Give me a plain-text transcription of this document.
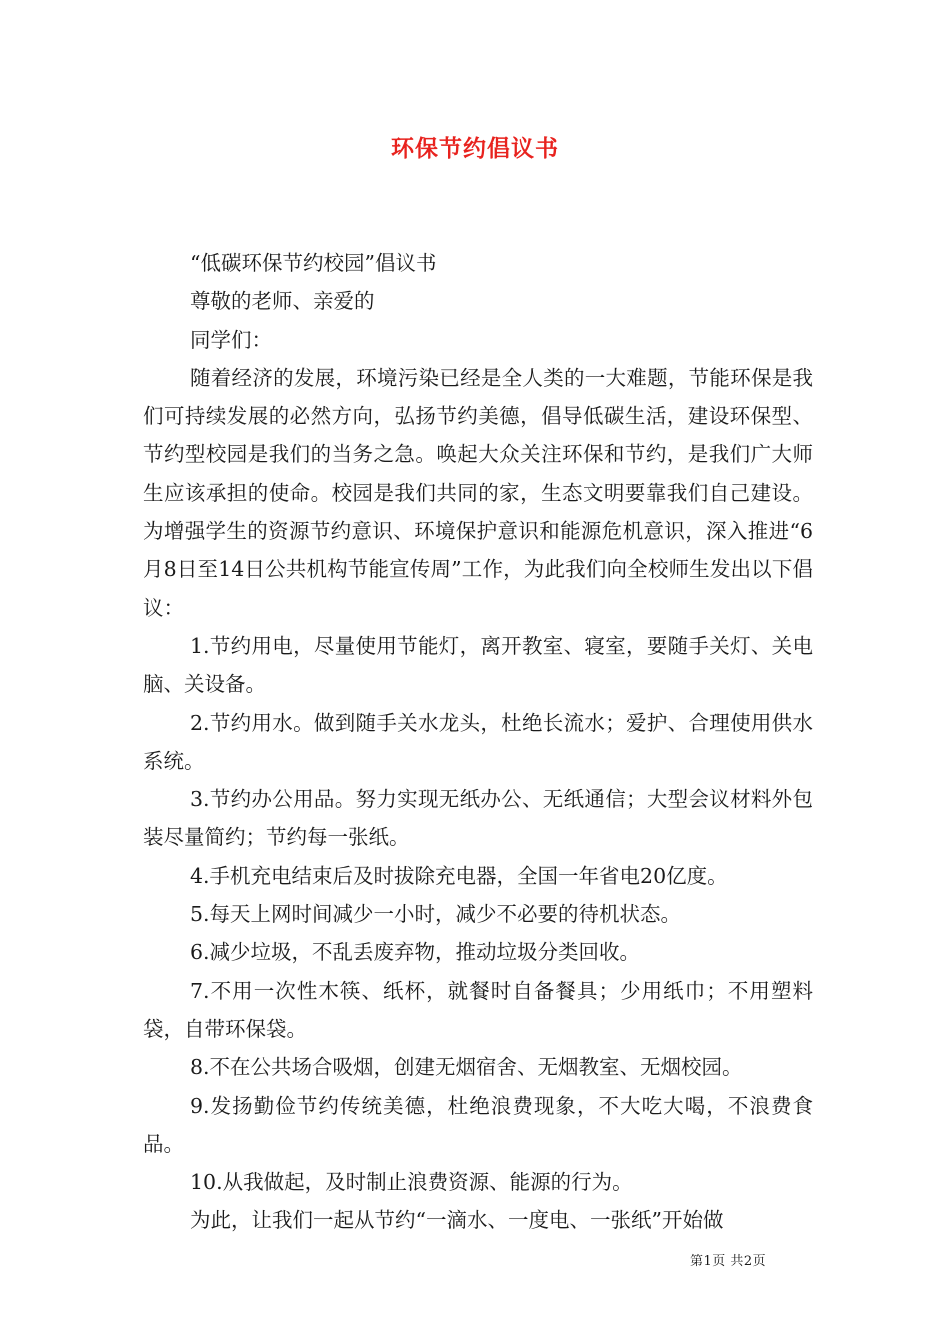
环保节约倡议书

“低碳环保节约校园”倡议书

尊敬的老师、亲爱的

同学们：

随着经济的发展，环境污染已经是全人类的一大难题，节能环保是我们可持续发展的必然方向，弘扬节约美德，倡导低碳生活，建设环保型、节约型校园是我们的当务之急。唤起大众关注环保和节约，是我们广大师生应该承担的使命。校园是我们共同的家，生态文明要靠我们自己建设。为增强学生的资源节约意识、环境保护意识和能源危机意识，深入推进“6月8日至14日公共机构节能宣传周”工作，为此我们向全校师生发出以下倡议：

1.节约用电，尽量使用节能灯，离开教室、寝室，要随手关灯、关电脑、关设备。

2.节约用水。做到随手关水龙头，杜绝长流水；爱护、合理使用供水系统。

3.节约办公用品。努力实现无纸办公、无纸通信；大型会议材料外包装尽量简约；节约每一张纸。

4.手机充电结束后及时拔除充电器，全国一年省电20亿度。

5.每天上网时间减少一小时，减少不必要的待机状态。

6.减少垃圾，不乱丢废弃物，推动垃圾分类回收。

7.不用一次性木筷、纸杯，就餐时自备餐具；少用纸巾；不用塑料袋，自带环保袋。

8.不在公共场合吸烟，创建无烟宿舍、无烟教室、无烟校园。

9.发扬勤俭节约传统美德，杜绝浪费现象，不大吃大喝，不浪费食品。

10.从我做起，及时制止浪费资源、能源的行为。

为此，让我们一起从节约“一滴水、一度电、一张纸”开始做

第1页 共2页
